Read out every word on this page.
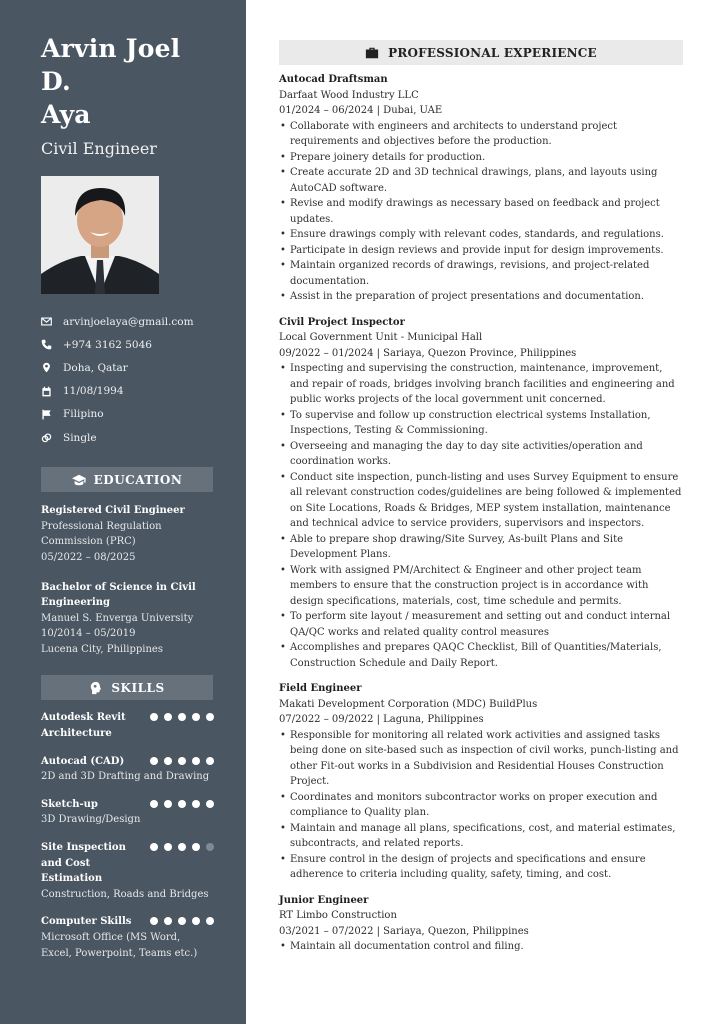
Arvin Joel D.
Aya
Civil Engineer
arvinjoelaya@gmail.com
+974 3162 5046
Doha, Qatar
11/08/1994
Filipino
Single
EDUCATION
Registered Civil Engineer
Professional Regulation Commission (PRC)
05/2022 – 08/2025
Bachelor of Science in Civil Engineering
Manuel S. Enverga University
10/2014 – 05/2019
Lucena City, Philippines
SKILLS
Autodesk Revit Architecture
Autocad (CAD)
2D and 3D Drafting and Drawing
Sketch-up
3D Drawing/Design
Site Inspection and Cost Estimation
Construction, Roads and Bridges
Computer Skills
Microsoft Office (MS Word, Excel, Powerpoint, Teams etc.)
PROFESSIONAL EXPERIENCE
Autocad Draftsman
Darfaat Wood Industry LLC
01/2024 – 06/2024 | Dubai, UAE
• Collaborate with engineers and architects to understand project requirements and objectives before the production.
• Prepare joinery details for production.
• Create accurate 2D and 3D technical drawings, plans, and layouts using AutoCAD software.
• Revise and modify drawings as necessary based on feedback and project updates.
• Ensure drawings comply with relevant codes, standards, and regulations.
• Participate in design reviews and provide input for design improvements.
• Maintain organized records of drawings, revisions, and project-related documentation.
• Assist in the preparation of project presentations and documentation.
Civil Project Inspector
Local Government Unit - Municipal Hall
09/2022 – 01/2024 | Sariaya, Quezon Province, Philippines
• Inspecting and supervising the construction, maintenance, improvement, and repair of roads, bridges involving branch facilities and engineering and public works projects of the local government unit concerned.
• To supervise and follow up construction electrical systems Installation, Inspections, Testing & Commissioning.
• Overseeing and managing the day to day site activities/operation and coordination works.
• Conduct site inspection, punch-listing and uses Survey Equipment to ensure all relevant construction codes/guidelines are being followed & implemented on Site Locations, Roads & Bridges, MEP system installation, maintenance and technical advice to service providers, supervisors and inspectors.
• Able to prepare shop drawing/Site Survey, As-built Plans and Site Development Plans.
• Work with assigned PM/Architect & Engineer and other project team members to ensure that the construction project is in accordance with design specifications, materials, cost, time schedule and permits.
• To perform site layout / measurement and setting out and conduct internal QA/QC works and related quality control measures
• Accomplishes and prepares QAQC Checklist, Bill of Quantities/Materials, Construction Schedule and Daily Report.
Field Engineer
Makati Development Corporation (MDC) BuildPlus
07/2022 – 09/2022 | Laguna, Philippines
• Responsible for monitoring all related work activities and assigned tasks being done on site-based such as inspection of civil works, punch-listing and other Fit-out works in a Subdivision and Residential Houses Construction Project.
• Coordinates and monitors subcontractor works on proper execution and compliance to Quality plan.
• Maintain and manage all plans, specifications, cost, and material estimates, subcontracts, and related reports.
• Ensure control in the design of projects and specifications and ensure adherence to criteria including quality, safety, timing, and cost.
Junior Engineer
RT Limbo Construction
03/2021 – 07/2022 | Sariaya, Quezon, Philippines
• Maintain all documentation control and filing.
